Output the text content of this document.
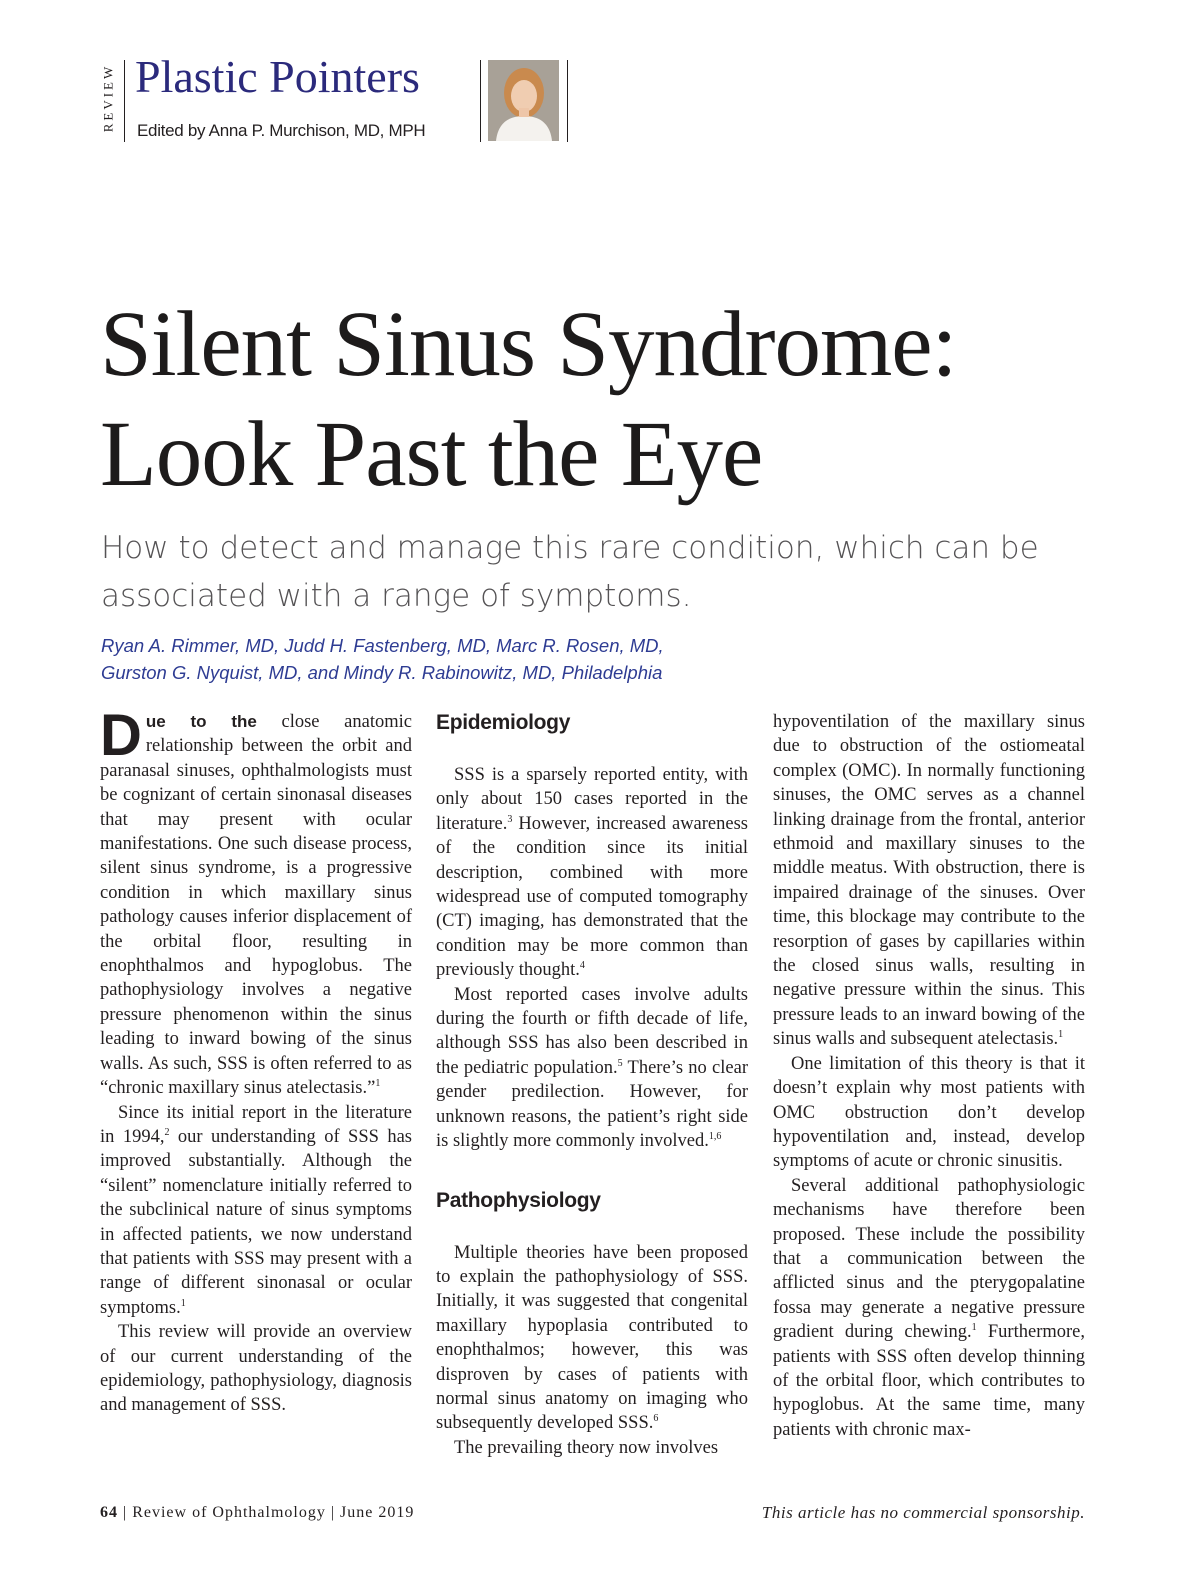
REVIEW Plastic Pointers
Edited by Anna P. Murchison, MD, MPH
Silent Sinus Syndrome:
Look Past the Eye
How to detect and manage this rare condition, which can be associated with a range of symptoms.
Ryan A. Rimmer, MD, Judd H. Fastenberg, MD, Marc R. Rosen, MD,
Gurston G. Nyquist, MD, and Mindy R. Rabinowitz, MD, Philadelphia

Due to the close anatomic relationship between the orbit and paranasal sinuses, ophthalmologists must be cognizant of certain sinonasal diseases that may present with ocular manifestations. One such disease process, silent sinus syndrome, is a progressive condition in which maxillary sinus pathology causes inferior displacement of the orbital floor, resulting in enophthalmos and hypoglobus. The pathophysiology involves a negative pressure phenomenon within the sinus leading to inward bowing of the sinus walls. As such, SSS is often referred to as “chronic maxillary sinus atelectasis.”$^1$

Since its initial report in the literature in 1994,$^2$ our understanding of SSS has improved substantially. Although the “silent” nomenclature initially referred to the subclinical nature of sinus symptoms in affected patients, we now understand that patients with SSS may present with a range of different sinonasal or ocular symptoms.$^1$

This review will provide an overview of our current understanding of the epidemiology, pathophysiology, diagnosis and management of SSS.

Epidemiology

SSS is a sparsely reported entity, with only about 150 cases reported in the literature.$^3$ However, increased awareness of the condition since its initial description, combined with more widespread use of computed tomography (CT) imaging, has demonstrated that the condition may be more common than previously thought.$^4$

Most reported cases involve adults during the fourth or fifth decade of life, although SSS has also been described in the pediatric population.$^5$ There’s no clear gender predilection. However, for unknown reasons, the patient’s right side is slightly more commonly involved.$^{1,6}$

Pathophysiology

Multiple theories have been proposed to explain the pathophysiology of SSS. Initially, it was suggested that congenital maxillary hypoplasia contributed to enophthalmos; however, this was disproven by cases of patients with normal sinus anatomy on imaging who subsequently developed SSS.$^6$

The prevailing theory now involves

hypoventilation of the maxillary sinus due to obstruction of the ostiomeatal complex (OMC). In normally functioning sinuses, the OMC serves as a channel linking drainage from the frontal, anterior ethmoid and maxillary sinuses to the middle meatus. With obstruction, there is impaired drainage of the sinuses. Over time, this blockage may contribute to the resorption of gases by capillaries within the closed sinus walls, resulting in negative pressure within the sinus. This pressure leads to an inward bowing of the sinus walls and subsequent atelectasis.$^1$

One limitation of this theory is that it doesn’t explain why most patients with OMC obstruction don’t develop hypoventilation and, instead, develop symptoms of acute or chronic sinusitis.

Several additional pathophysiologic mechanisms have therefore been proposed. These include the possibility that a communication between the afflicted sinus and the pterygopalatine fossa may generate a negative pressure gradient during chewing.$^1$ Furthermore, patients with SSS often develop thinning of the orbital floor, which contributes to hypoglobus. At the same time, many patients with chronic max-

64 | Review of Ophthalmology | June 2019	This article has no commercial sponsorship.
